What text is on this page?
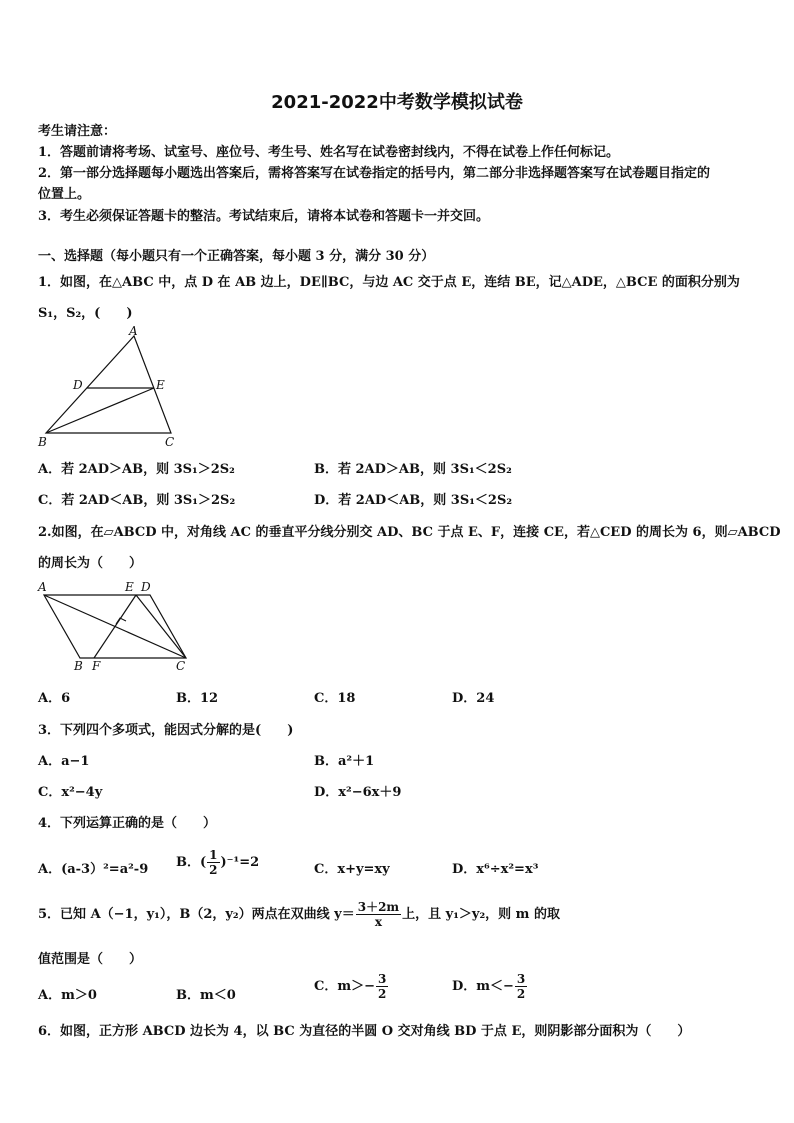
2021-2022中考数学模拟试卷
考生请注意：
1．答题前请将考场、试室号、座位号、考生号、姓名写在试卷密封线内，不得在试卷上作任何标记。
2．第一部分选择题每小题选出答案后，需将答案写在试卷指定的括号内，第二部分非选择题答案写在试卷题目指定的
位置上。
3．考生必须保证答题卡的整洁。考试结束后，请将本试卷和答题卡一并交回。
一、选择题（每小题只有一个正确答案，每小题 3 分，满分 30 分）
1．如图，在△ABC 中，点 D 在 AB 边上，DE∥BC，与边 AC 交于点 E，连结 BE，记△ADE，△BCE 的面积分别为
S₁，S₂，(　　)
A
D	E
B	C
A．若 2AD＞AB，则 3S₁＞2S₂	B．若 2AD＞AB，则 3S₁＜2S₂
C．若 2AD＜AB，则 3S₁＞2S₂	D．若 2AD＜AB，则 3S₁＜2S₂
2.如图，在▱ABCD 中，对角线 AC 的垂直平分线分别交 AD、BC 于点 E、F，连接 CE，若△CED 的周长为 6，则▱ABCD
的周长为（　　）
A	E D
B F	C
A．6	B．12	C．18	D．24
3．下列四个多项式，能因式分解的是(　　)
A．a−1	B．a²＋1
C．x²−4y	D．x²−6x＋9
4．下列运算正确的是（　　）
A．(a-3）²=a²-9 B．( $\frac{1}{2} )^{-1}=2$	C．x+y=xy	D．x⁶÷x²=x³
5．已知 A（−1，y₁），B（2，y₂）两点在双曲线 $y= \frac{3+2m}{x}$ 上，且 y₁＞y₂，则 m 的取
值范围是（　　）
A．m＞0	B．m＜0
C．$m>- \frac{3}{2}$	D．$m<- \frac{3}{2}$
6．如图，正方形 ABCD 边长为 4，以 BC 为直径的半圆 O 交对角线 BD 于点 E，则阴影部分面积为（　　）
